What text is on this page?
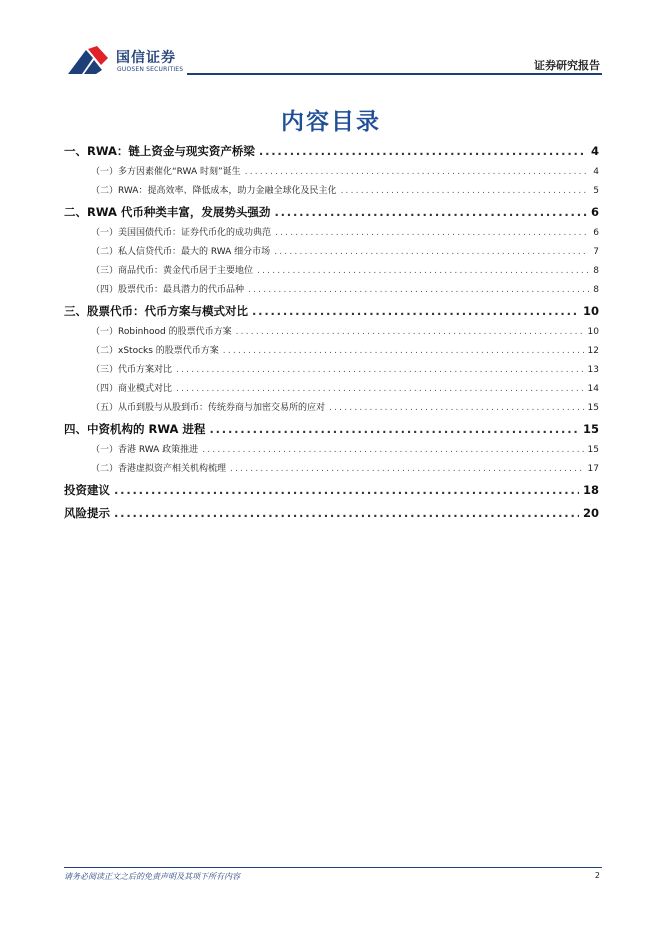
国信证券
GUOSEN SECURITIES	证券研究报告
内容目录
一、RWA：链上资金与现实资产桥梁 .....	4
（一）多方因素催化“RWA 时刻”诞生 .....	4
（二）RWA：提高效率、降低成本，助力金融全球化及民主化 .....	5
二、RWA 代币种类丰富，发展势头强劲 .....	6
（一）美国国债代币：证券代币化的成功典范 .....	6
（二）私人信贷代币：最大的 RWA 细分市场 .....	7
（三）商品代币：黄金代币居于主要地位 .....	8
（四）股票代币：最具潜力的代币品种 .....	8
三、股票代币：代币方案与模式对比 .....	10
（一）Robinhood 的股票代币方案 .....	10
（二）xStocks 的股票代币方案 .....	12
（三）代币方案对比 .....	13
（四）商业模式对比 .....	14
（五）从币到股与从股到币：传统券商与加密交易所的应对 .....	15
四、中资机构的 RWA 进程 .....	15
（一）香港 RWA 政策推进 .....	15
（二）香港虚拟资产相关机构梳理 .....	17
投资建议 .....	18
风险提示 .....	20
请务必阅读正文之后的免责声明及其项下所有内容	2
